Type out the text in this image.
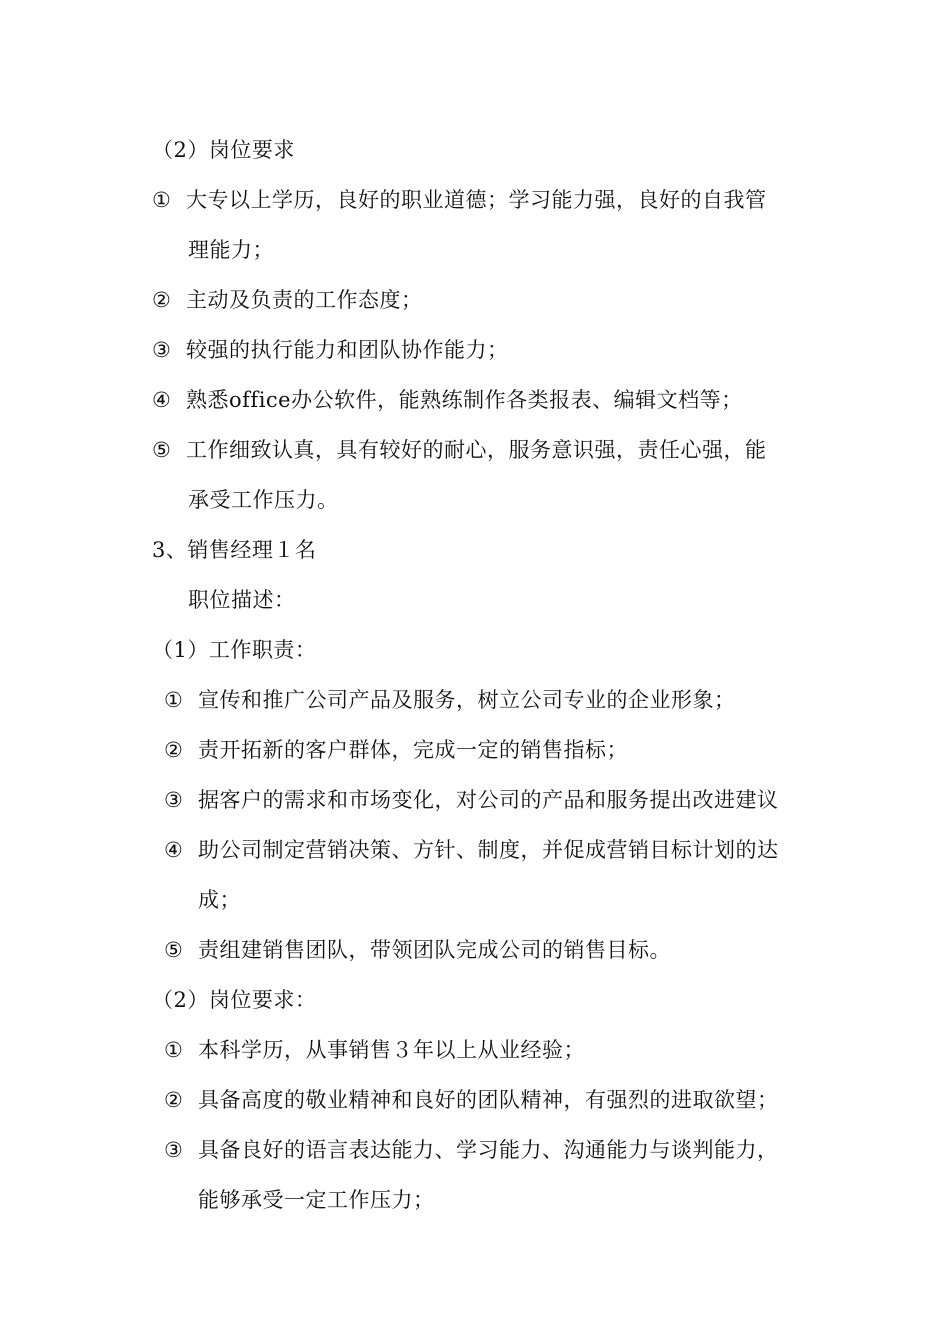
（2）岗位要求
① 大专以上学历，良好的职业道德；学习能力强，良好的自我管
理能力；
② 主动及负责的工作态度；
③ 较强的执行能力和团队协作能力；
④ 熟悉office办公软件，能熟练制作各类报表、编辑文档等；
⑤ 工作细致认真，具有较好的耐心，服务意识强，责任心强，能
承受工作压力。
3、销售经理１名
职位描述：
（1）工作职责：
① 宣传和推广公司产品及服务，树立公司专业的企业形象；
② 责开拓新的客户群体，完成一定的销售指标；
③ 据客户的需求和市场变化，对公司的产品和服务提出改进建议
④ 助公司制定营销决策、方针、制度，并促成营销目标计划的达
成；
⑤ 责组建销售团队，带领团队完成公司的销售目标。
（2）岗位要求：
① 本科学历，从事销售３年以上从业经验；
② 具备高度的敬业精神和良好的团队精神，有强烈的进取欲望；
③ 具备良好的语言表达能力、学习能力、沟通能力与谈判能力，
能够承受一定工作压力；
